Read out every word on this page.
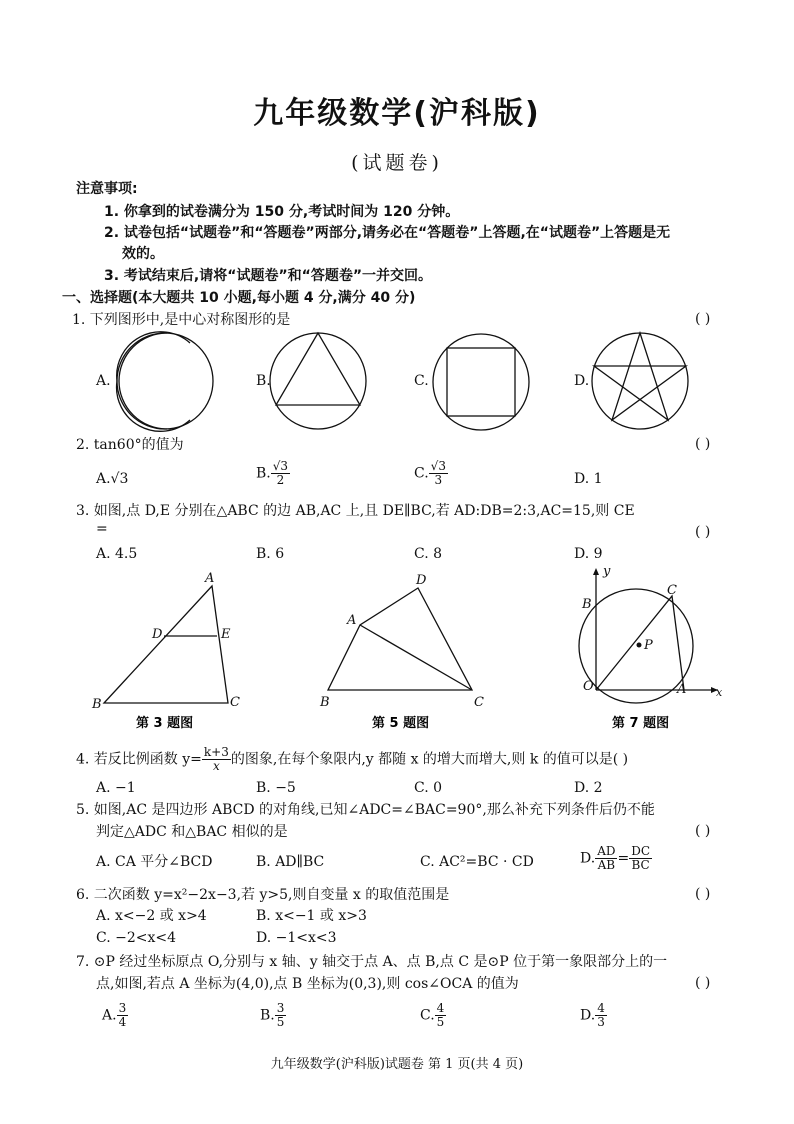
九年级数学(沪科版)
(试题卷)
注意事项:
1. 你拿到的试卷满分为 150 分,考试时间为 120 分钟。
2. 试卷包括“试题卷”和“答题卷”两部分,请务必在“答题卷”上答题,在“试题卷”上答题是无
效的。
3. 考试结束后,请将“试题卷”和“答题卷”一并交回。
一、选择题(本大题共 10 小题,每小题 4 分,满分 40 分)
1. 下列图形中,是中心对称图形的是	( )
A.	B.	C.	D.
2. tan60°的值为	( )
A.√3	B. $\frac{√3}{2}$	C. $\frac{√3}{3}$	D. 1
3. 如图,点 D,E 分别在△ABC 的边 AB,AC 上,且 DE∥BC,若 AD:DB=2:3,AC=15,则 CE
=	( )
A. 4.5	B. 6	C. 8	D. 9
A
D	E
B	C
第 3 题图
D
A
B	C
第 5 题图
y
x
O	A
B
C
P
第 7 题图
4. 若反比例函数 $y= \frac{k+3}{x}$ 的图象,在每个象限内,y 都随 x 的增大而增大,则 k 的值可以是( )
A. −1	B. −5	C. 0	D. 2
5. 如图,AC 是四边形 ABCD 的对角线,已知∠ADC=∠BAC=90°,那么补充下列条件后仍不能
判定△ADC 和△BAC 相似的是	( )
A. CA 平分∠BCD	B. AD∥BC	C. AC²=BC · CD	D. $\frac{AD}{AB} = \frac{DC}{BC}$
6. 二次函数 y=x²−2x−3,若 y>5,则自变量 x 的取值范围是	( )
A. x<−2 或 x>4	B. x<−1 或 x>3
C. −2<x<4	D. −1<x<3
7. ⊙P 经过坐标原点 O,分别与 x 轴、y 轴交于点 A、点 B,点 C 是⊙P 位于第一象限部分上的一
点,如图,若点 A 坐标为(4,0),点 B 坐标为(0,3),则 cos∠OCA 的值为	( )
A. $\frac{3}{4}$	B. $\frac{3}{5}$	C. $\frac{4}{5}$	D. $\frac{4}{3}$
九年级数学(沪科版)试题卷 第 1 页(共 4 页)
